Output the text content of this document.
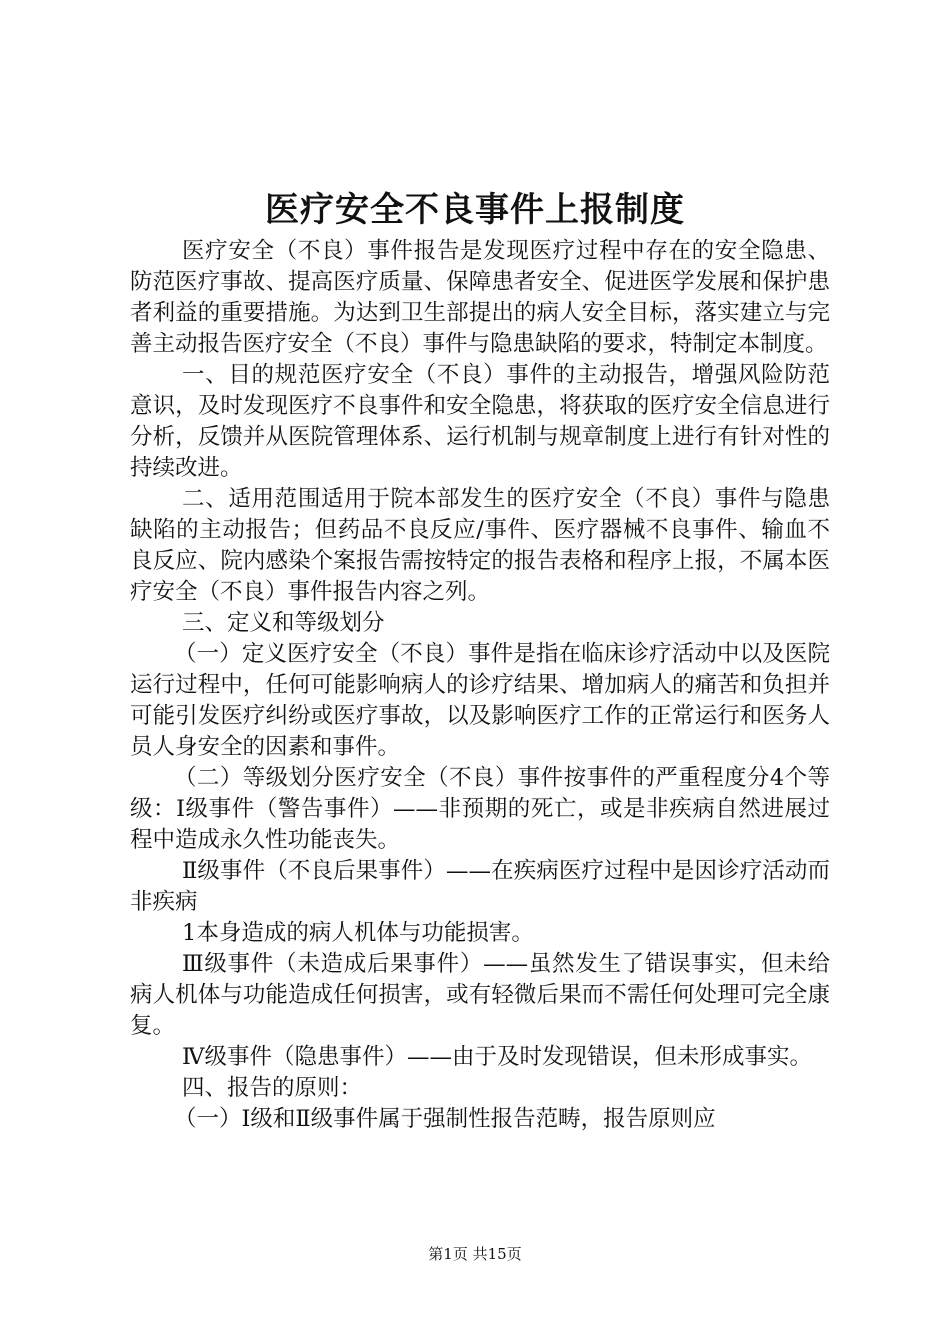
医疗安全不良事件上报制度

医疗安全（不良）事件报告是发现医疗过程中存在的安全隐患、防范医疗事故、提高医疗质量、保障患者安全、促进医学发展和保护患者利益的重要措施。为达到卫生部提出的病人安全目标，落实建立与完善主动报告医疗安全（不良）事件与隐患缺陷的要求，特制定本制度。

一、目的规范医疗安全（不良）事件的主动报告，增强风险防范意识，及时发现医疗不良事件和安全隐患，将获取的医疗安全信息进行分析，反馈并从医院管理体系、运行机制与规章制度上进行有针对性的持续改进。

二、适用范围适用于院本部发生的医疗安全（不良）事件与隐患缺陷的主动报告；但药品不良反应/事件、医疗器械不良事件、输血不良反应、院内感染个案报告需按特定的报告表格和程序上报，不属本医疗安全（不良）事件报告内容之列。

三、定义和等级划分

（一）定义医疗安全（不良）事件是指在临床诊疗活动中以及医院运行过程中，任何可能影响病人的诊疗结果、增加病人的痛苦和负担并可能引发医疗纠纷或医疗事故，以及影响医疗工作的正常运行和医务人员人身安全的因素和事件。

（二）等级划分医疗安全（不良）事件按事件的严重程度分4个等级：Ⅰ级事件（警告事件）——非预期的死亡，或是非疾病自然进展过程中造成永久性功能丧失。

Ⅱ级事件（不良后果事件）——在疾病医疗过程中是因诊疗活动而非疾病

1本身造成的病人机体与功能损害。

Ⅲ级事件（未造成后果事件）——虽然发生了错误事实，但未给病人机体与功能造成任何损害，或有轻微后果而不需任何处理可完全康复。

Ⅳ级事件（隐患事件）——由于及时发现错误，但未形成事实。

四、报告的原则：

（一）Ⅰ级和Ⅱ级事件属于强制性报告范畴，报告原则应

第1页 共15页
